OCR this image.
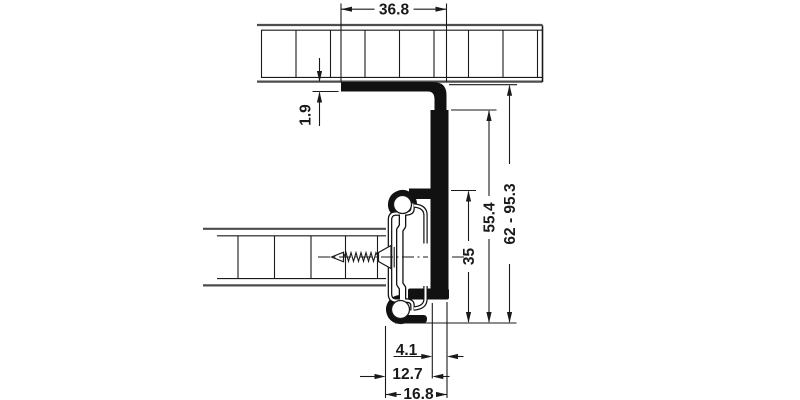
36.8
1.9
35
55.4 62 - 95.3
4.1
12.7
16.8
